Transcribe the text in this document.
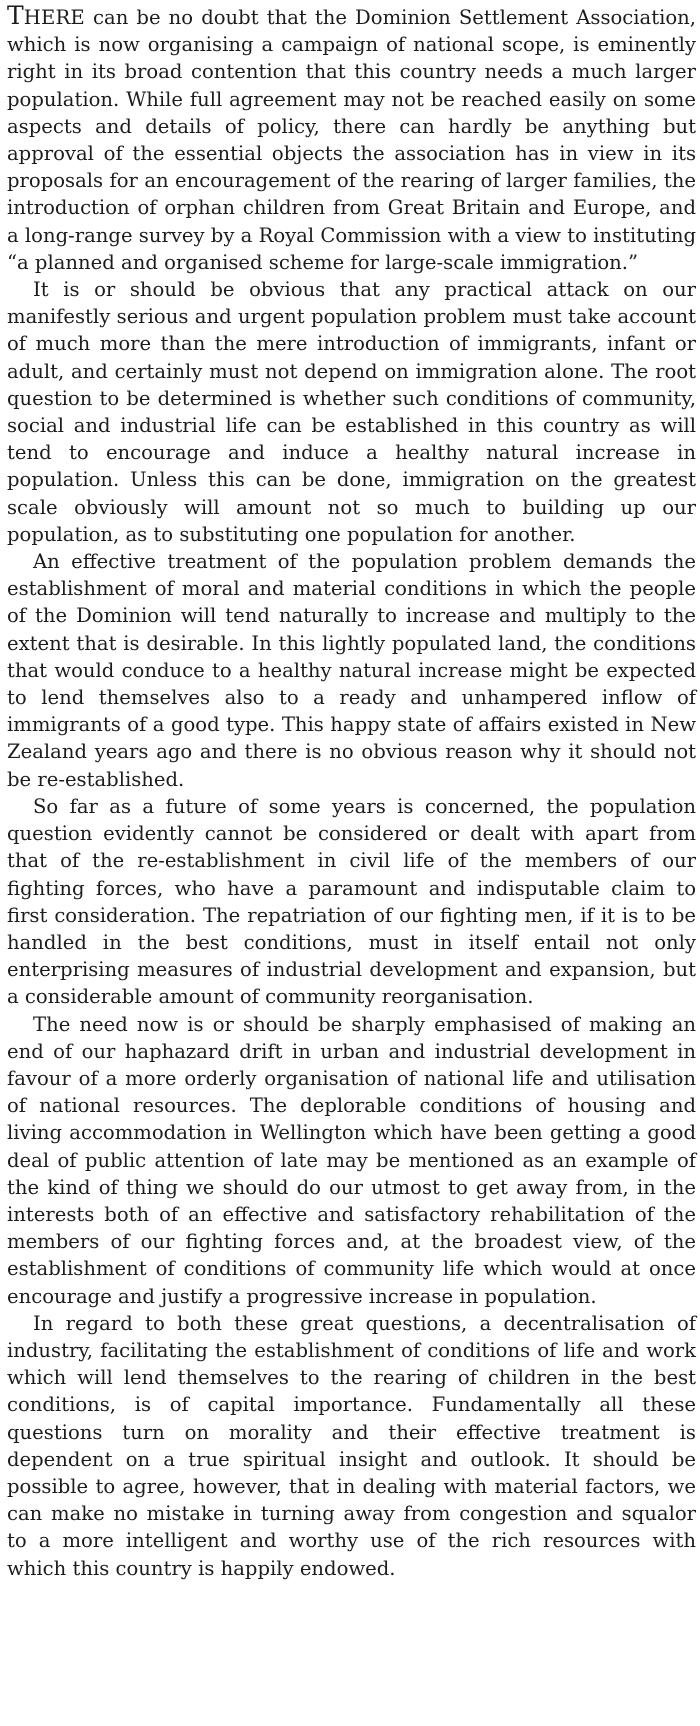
THERE can be no doubt that the Dominion Settlement Association, which is now organising a campaign of national scope, is eminently right in its broad contention that this country needs a much larger population. While full agreement may not be reached easily on some aspects and details of policy, there can hardly be anything but approval of the essential objects the association has in view in its proposals for an encouragement of the rearing of larger families, the introduction of orphan children from Great Britain and Europe, and a long-range survey by a Royal Commission with a view to instituting “a planned and organised scheme for large-scale immigration.”

It is or should be obvious that any practical attack on our manifestly serious and urgent population problem must take account of much more than the mere introduction of immigrants, infant or adult, and certainly must not depend on immigration alone. The root question to be determined is whether such conditions of community, social and industrial life can be established in this country as will tend to encourage and induce a healthy natural increase in population. Unless this can be done, immigration on the greatest scale obviously will amount not so much to building up our population, as to substituting one population for another.

An effective treatment of the population problem demands the establishment of moral and material conditions in which the people of the Dominion will tend naturally to increase and multiply to the extent that is desirable. In this lightly populated land, the conditions that would conduce to a healthy natural increase might be expected to lend themselves also to a ready and unhampered inflow of immigrants of a good type. This happy state of affairs existed in New Zealand years ago and there is no obvious reason why it should not be re-established.

So far as a future of some years is concerned, the population question evidently cannot be considered or dealt with apart from that of the re-establishment in civil life of the members of our fighting forces, who have a paramount and indisputable claim to first consideration. The repatriation of our fighting men, if it is to be handled in the best conditions, must in itself entail not only enterprising measures of industrial development and expansion, but a considerable amount of community reorganisation.

The need now is or should be sharply emphasised of making an end of our haphazard drift in urban and industrial development in favour of a more orderly organisation of national life and utilisation of national resources. The deplorable conditions of housing and living accommodation in Wellington which have been getting a good deal of public attention of late may be mentioned as an example of the kind of thing we should do our utmost to get away from, in the interests both of an effective and satisfactory rehabilitation of the members of our fighting forces and, at the broadest view, of the establishment of conditions of community life which would at once encourage and justify a progressive increase in population.

In regard to both these great questions, a decentralisation of industry, facilitating the establishment of conditions of life and work which will lend themselves to the rearing of children in the best conditions, is of capital importance. Fundamentally all these questions turn on morality and their effective treatment is dependent on a true spiritual insight and outlook. It should be possible to agree, however, that in dealing with material factors, we can make no mistake in turning away from congestion and squalor to a more intelligent and worthy use of the rich resources with which this country is happily endowed.
